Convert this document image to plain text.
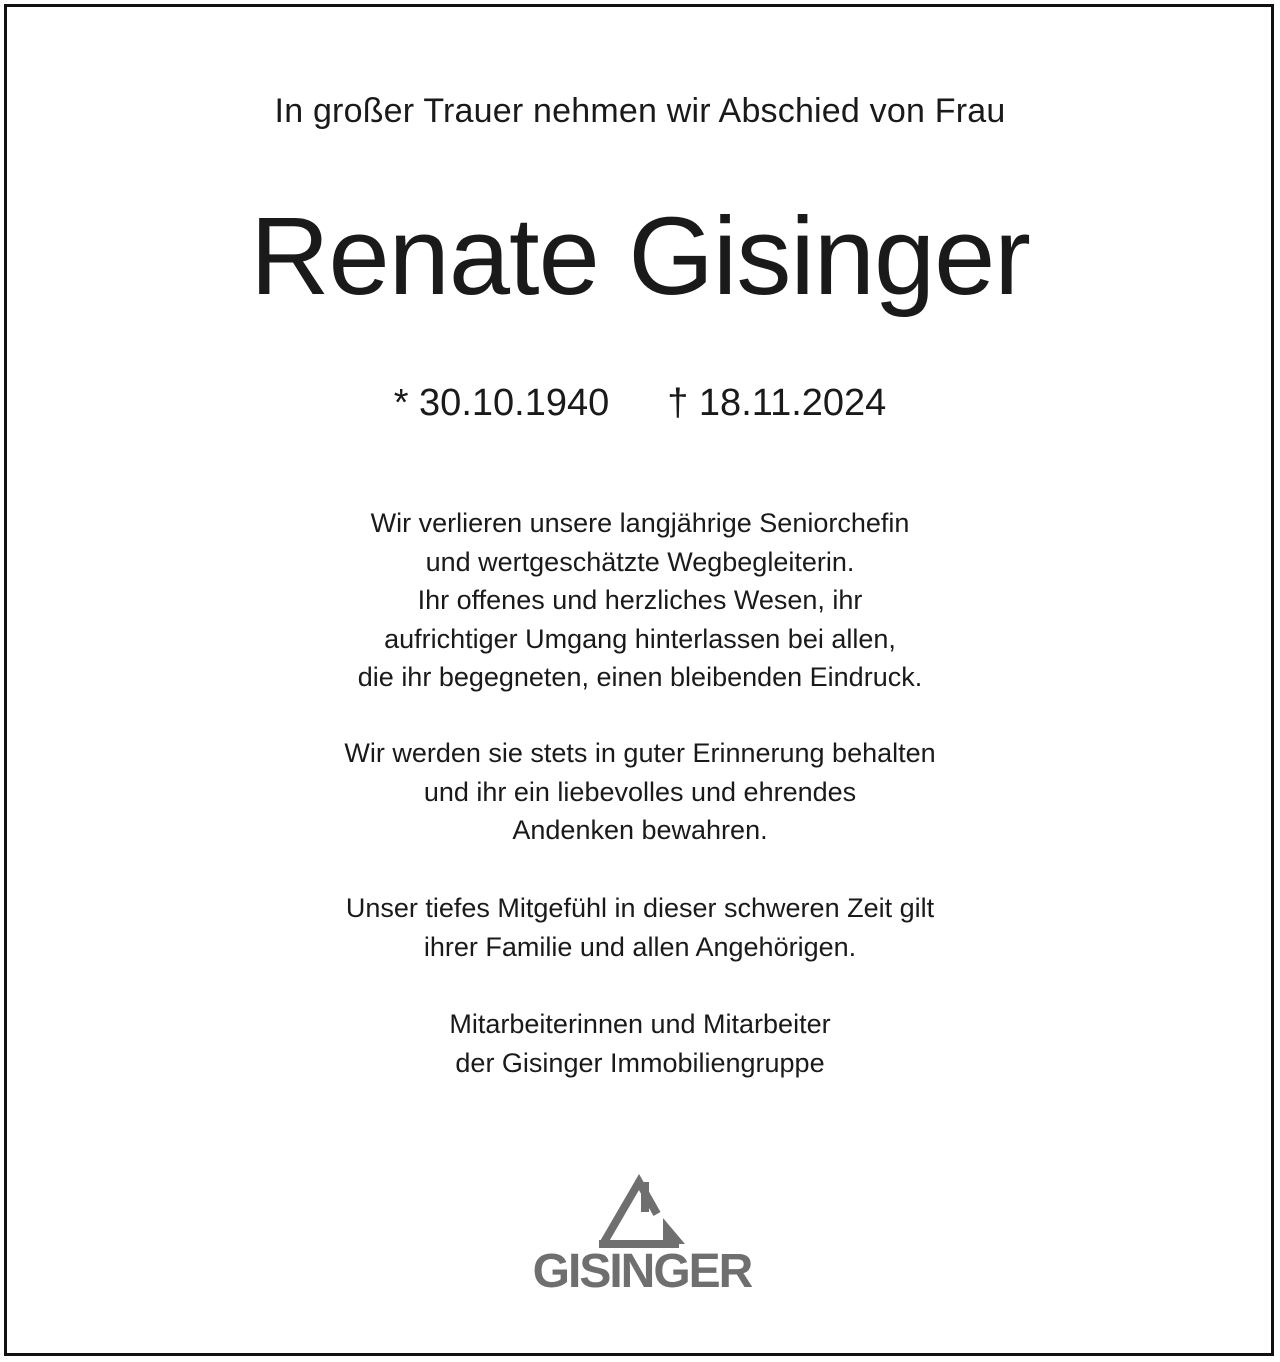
In großer Trauer nehmen wir Abschied von Frau
Renate Gisinger
* 30.10.1940 † 18.11.2024
Wir verlieren unsere langjährige Seniorchefin
und wertgeschätzte Wegbegleiterin.
Ihr offenes und herzliches Wesen, ihr
aufrichtiger Umgang hinterlassen bei allen,
die ihr begegneten, einen bleibenden Eindruck.
Wir werden sie stets in guter Erinnerung behalten
und ihr ein liebevolles und ehrendes
Andenken bewahren.
Unser tiefes Mitgefühl in dieser schweren Zeit gilt
ihrer Familie und allen Angehörigen.
Mitarbeiterinnen und Mitarbeiter
der Gisinger Immobiliengruppe
GISINGER
